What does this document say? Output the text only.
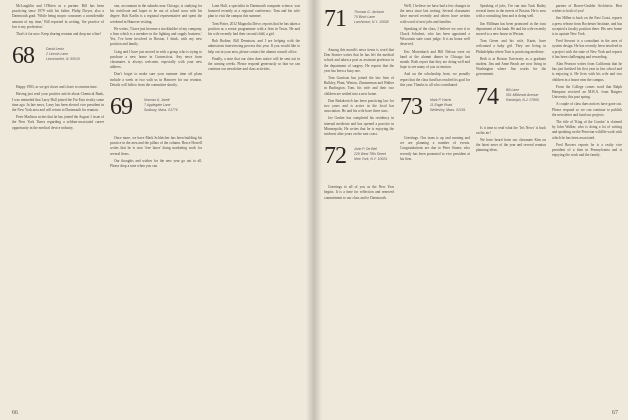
McLaughlin and O'Brien as a partner. Bill has been practicing since 1979 with his father, Philip Dwyer, also a Dartmouth grad. 'While being mayor consumes a considerable amount of my time,' Bill reported in writing, 'the practice of law is my profession.'

That's it for now. Keep sharing reunion and drop me a line!

68	David Lentz
2 Lincoln Lane
Lincolnshire, Ill. 60015

Happy 1983, as we get closer and closer to reunion time.

Having just read your positive article about Chemical Bank, I was reminded that Larry Hall joined the Far East rivalry some time ago. In late news, Larry has been elected vice president in the New York area and will return to Dartmouth for reunion.

Peter Madison writes that he has joined the August 1 issue of the New York Times regarding a seldom-associated career opportunity in the medical device industry.

one, accountant in the suburbs near Chicago, is studying for his certificate and hopes to be out of school soon with his degree. Bob Karlin is a regional representative and spent the weekend in Hanover visiting.

He writes, 'I have just become a stockholder of my company, a firm which is a member in the lighting and supply business.' Yes, I've been involved in Boston, I think, with my new position and family.

Craig and I have just moved in with a group who is trying to purchase a new home in Connecticut. Any news from classmates is always welcome, especially with your new address.

Don't forget to make sure your summer time off plans include a week or two with us in Hanover for our reunion. Details will follow from the committee shortly.

69	Norman A. Jarett
7 Applegate Lane
Sudbury, Mass. 01776

Once more, we have Mark Schleicher has been building his practice in the area and the pillars of the column. Bruce Howell writes that he is now 'free lance' doing marketing work for several firms.

Our thoughts and wishes for the new year go out to all. Please drop a note when you can.

Lane Hall, a specialist in Dartmouth computer science, was honored recently at a regional conference. Tom and his wife plan to visit the campus this summer.

Tom Potter, 2012 Magnolia Drive, reports that he has taken a position as a senior programmer with a firm in Texas. He and his wife recently had their second child, a girl.

Bob Bodine, Bill Dennison, and I are helping with the admissions interviewing process this year. If you would like to help out in your area, please contact the alumni council office.

Finally, a note that our class dues notice will be sent out in the coming weeks. Please respond generously so that we can continue our newsletter and class activities.

66
71 Thomas G. Jackson
70 Birch Lane
Larchmont, N.Y. 10538

Among this month's news items is word that Don Stonier writes that he has left the medical school and taken a post as assistant professor in the department of surgery. He reports that the year has been a busy one.

Tom Garrison has joined the law firm of Bulkley, Plant, Winton, Zimmerman and Walker in Burlington. Tom, his wife and their two children are settled into a new home.

Don Radakovich has been practicing law for two years and is active in the local bar association. He and his wife have three sons.

Joe Gruber has completed his residency in internal medicine and has opened a practice in Minneapolis. He writes that he is enjoying the midwest after years on the east coast.

72 John P. De Bell
229 West 78th Street
New York, N.Y. 10024

Greetings to all of you as the New Year begins. It is a time for reflection and renewed commitment to our class and to Dartmouth.

We'll, I believe we have had a few changes in the news since last writing. Several classmates have moved recently and others have written with word of new jobs and families.

Speaking of the class, I believe we owe it to Chuck Schubert, who has been appointed a Wisconsin state court judge. It is an honor well deserved.

Eric Mosenbach and Bill Nelson were on hand at the alumni dinner in Chicago last month. Both report that they are doing well and hope to see many of you at reunion.

And on the scholarship front, we proudly report that the class fund has reached its goal for this year. Thanks to all who contributed.

73 Mark P. Harris
11 Eagle Road
Wellesley, Mass. 02181

Greetings. Our team is up and running and we are planning a number of events. Congratulations are due to Peter Stoner, who recently has been promoted to vice president at his firm.

Speaking of jobs, I've run into Tuck Bailey several times in the streets of Boston. He is now with a consulting firm and is doing well.

Jim Millman has been promoted in the trust department of his bank. He and his wife recently moved to a new house in Weston.

Tom Green and his wife, Karin, have welcomed a baby girl. They are living in Philadelphia where Tom is practicing medicine.

Beth is at Boston University as a graduate student. Jim and Anne Beach are now living in Washington where Jim works for the government.

74 Bill Lane
501 Millbrook Avenue
Randolph, N.J. 07869

Is it time to read what the 'In's News' is back on the air!

We have heard from our classmate Kim on the latest news of the year and several reunion planning ideas.

partner of Bower-Grubler Architects. Best wishes to both of you!

Jim Hillen is back on the East Coast, reports a press release from Rochester Institute, and has accepted a faculty position there. His new home is in upstate New York.

Fred Stewart is a consultant in the area of system design. He has recently been involved in a project with the state of New York and reports it has been challenging and rewarding.

Alan Pearson writes from California that he has just finished his first year in law school and is enjoying it. He lives with his wife and two children in a house near the campus.

From the College comes word that Ralph Hampton received an M.B.A. from Rutgers University this past spring.

A couple of class dues notices have gone out. Please respond so we can continue to publish the newsletter and fund our projects.

The title of 'King of the Condor' is claimed by John Walker, who is doing a lot of writing and speaking on the Peruvian wildlife work with which he has been associated.

Fred Bowers reports he is a realty vice president of a firm in Pennsylvania and is enjoying the work and the family.

67
